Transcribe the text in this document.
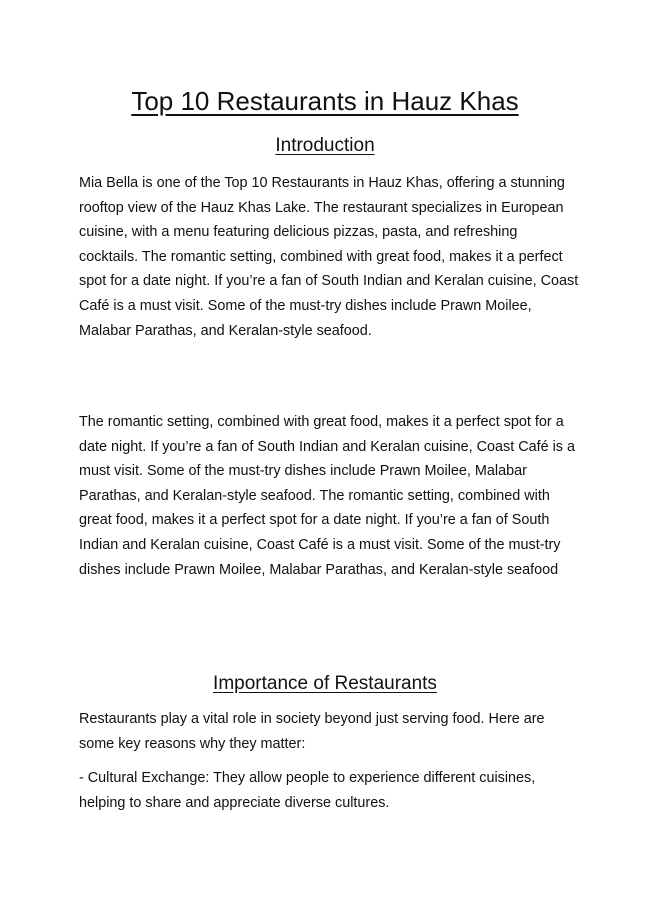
Top 10 Restaurants in Hauz Khas
Introduction

Mia Bella is one of the Top 10 Restaurants in Hauz Khas, offering a stunning rooftop view of the Hauz Khas Lake. The restaurant specializes in European cuisine, with a menu featuring delicious pizzas, pasta, and refreshing cocktails. The romantic setting, combined with great food, makes it a perfect spot for a date night. If you’re a fan of South Indian and Keralan cuisine, Coast Café is a must visit. Some of the must-try dishes include Prawn Moilee, Malabar Parathas, and Keralan-style seafood.

The romantic setting, combined with great food, makes it a perfect spot for a date night. If you’re a fan of South Indian and Keralan cuisine, Coast Café is a must visit. Some of the must-try dishes include Prawn Moilee, Malabar Parathas, and Keralan-style seafood. The romantic setting, combined with great food, makes it a perfect spot for a date night. If you’re a fan of South Indian and Keralan cuisine, Coast Café is a must visit. Some of the must-try dishes include Prawn Moilee, Malabar Parathas, and Keralan-style seafood

Importance of Restaurants

Restaurants play a vital role in society beyond just serving food. Here are some key reasons why they matter:

- Cultural Exchange: They allow people to experience different cuisines, helping to share and appreciate diverse cultures.
